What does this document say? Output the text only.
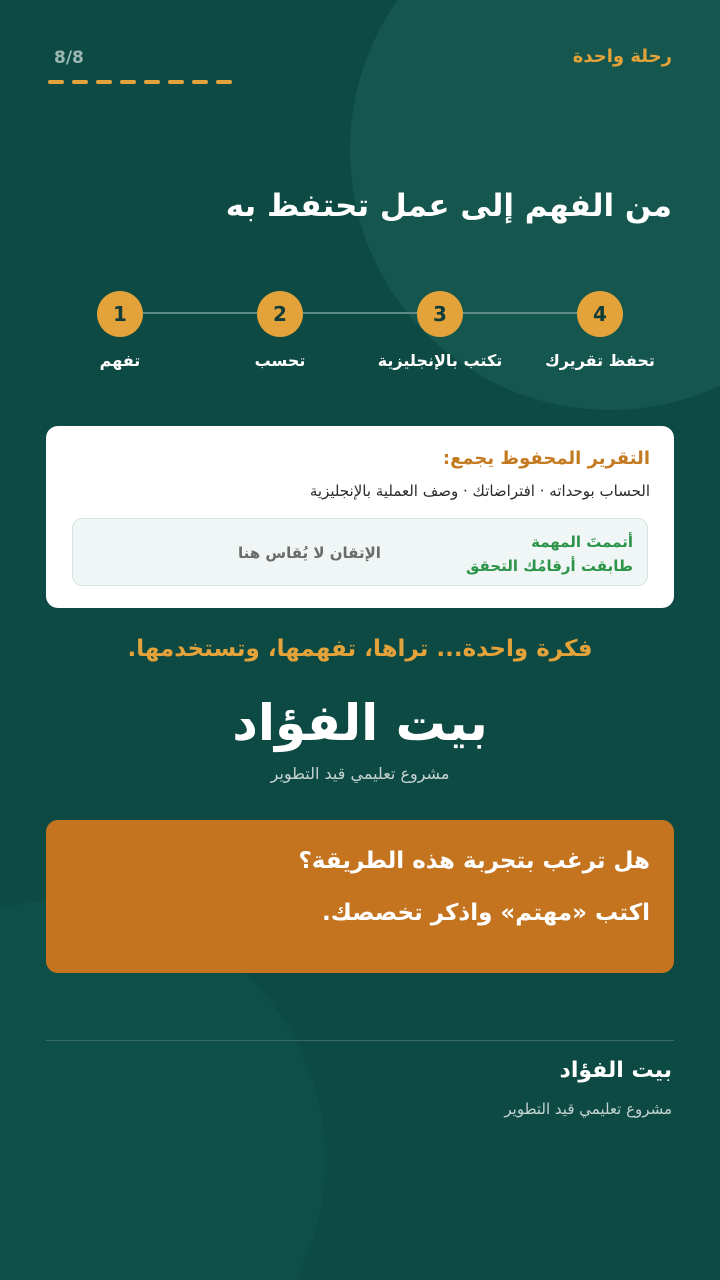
رحلة واحدة
8/8
من الفهم إلى عمل تحتفظ به
1
تفهم
2
تحسب
3
تكتب بالإنجليزية
4
تحفظ تقريرك
التقرير المحفوظ يجمع:
الحساب بوحداته · افتراضاتك · وصف العملية بالإنجليزية
أتممتَ المهمة
طابقت أرقامُك التحقق
الإتقان لا يُقاس هنا
فكرة واحدة... تراها، تفهمها، وتستخدمها.
بيت الفؤاد
مشروع تعليمي قيد التطوير
هل ترغب بتجربة هذه الطريقة؟
اكتب «مهتم» واذكر تخصصك.
بيت الفؤاد
مشروع تعليمي قيد التطوير
